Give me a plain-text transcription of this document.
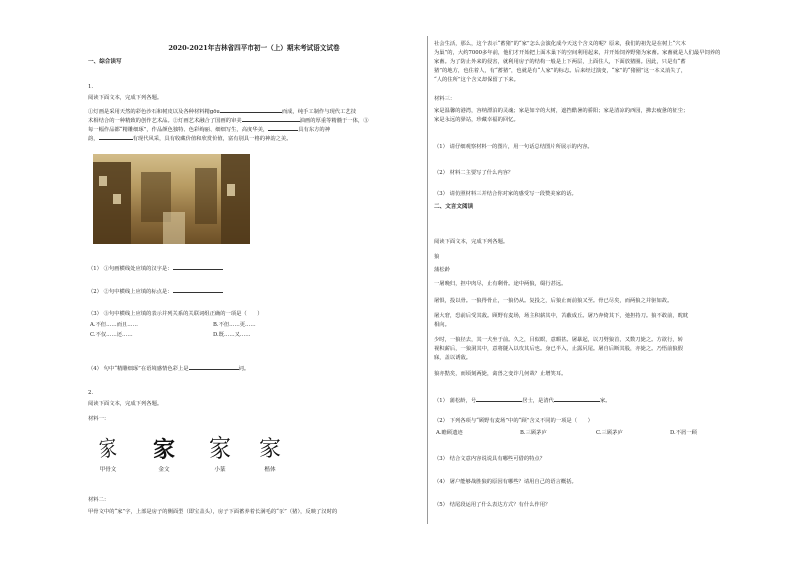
2020-2021年吉林省四平市初一（上）期末考试语文试卷
一、综合读写
1.
阅读下面文本，完成下列各题。
①灯画是采用天然的彩色沙石和树皮以及各种材料精gōu	而成，纯手工制作与现代工艺技
术相结合的一种精致的创作艺术品。②灯画艺术融合了国画的审美	油画的厚重等精髓于一体，③
每一幅作品都“精雕细琢”，作品颜色独特、色彩绚丽、细细写生，高度华美，	具有东方的神
韵，	有现代风采，具有收藏价值和欣赏价值，富有别具一格的神韵之美。
（1） ①句画横线处应填的汉字是：
（2） ②句中横线上应填的标点是：
（3） ③句中横线上应填的表示并列关系的关联词组正确的一项是（　　）
A.不但……而且……	B.不但……更……
C.不仅……还……	D.既……又……
（4） 句中“精雕细琢”在语境感情色彩上是	词。
2.
阅读下面文本，完成下列各题。
材料一：
家
甲骨文
家
金文
家
小篆
家
楷体
材料二：
甲骨文中的“家”字，上部是房子的侧面型（即宝盖头），房子下面蓄养着长满毛的“豕”（猪），反映了汉时的
社会生活，那么，这个表示“蓄猪”的“家”怎么会演化成今天这个含义的呢？原来，我们的祖先是在树上“穴木
为巢”的，大约7000多年前，他们才开始把上面木巢下的空间利用起来，并开始饲养野猪为家畜。家畜就是人们最早饲养的
家畜。为了防止外来的侵害，就利用房子的结构一般是上下两层，上面住人，下面放猪圈。因此，只是有“蓄
猪”的地方，也住着人，有“蓄猪”，也就是有“人家”的标志。后来经过演变，“家”的“猪圈”这一本义消失了，
“人的住所”这个含义却保留了下来。
材料三：
家是温馨的港湾，容纳漂泊的灵魂；家是如辛的大树，遮挡酷暑的骄阳；家是清凉的西园，拂去疲惫的征尘；
家是永远的驿站，珍藏幸福的回忆。
（1） 请仔细观察材料一的图片，用一句话总结图片所展示的内容。
（2） 材料二主要写了什么内容？
（3） 请仿照材料三并结合你对家的感受写一段赞美家的话。
二、文言文阅读
阅读下面文本，完成下列各题。
狼
蒲松龄
一屠晚归，担中肉尽，止有剩骨。途中两狼，缀行甚远。
屠惧，投以骨。一狼得骨止，一狼仍从。复投之，后狼止而前狼又至。骨已尽矣，而两狼之并驱如故。
屠大窘，恐前后受其敌。顾野有麦场，场主积薪其中，苫蔽成丘。屠乃奔倚其下，弛担持刀。狼不敢前，眈眈
相向。
少时，一狼径去，其一犬坐于前。久之，目似瞑，意暇甚。屠暴起，以刀劈狼首，又数刀毙之。方欲行，转
视积薪后，一狼洞其中，意将隧入以攻其后也。身已半入，止露尻尾。屠自后断其股，亦毙之。乃悟前狼假
寐，盖以诱敌。
狼亦黠矣，而顷刻两毙，禽兽之变诈几何哉？止增笑耳。
（1） 蒲松龄，号	居士，是清代	家。
（2） 下列各项与“顾野有麦场”中的“顾”含义不同的一项是（　　）
A.瞻顾遗迹	B.三顾茅庐	C.三顾茅庐	D.不屑一顾
（3） 结合文意内容说说具有哪些可借的特点？
（4） 屠户能够战胜狼的原因有哪些？请用自己的语言概括。
（5） 结尾段运用了什么表达方式？有什么作用？
